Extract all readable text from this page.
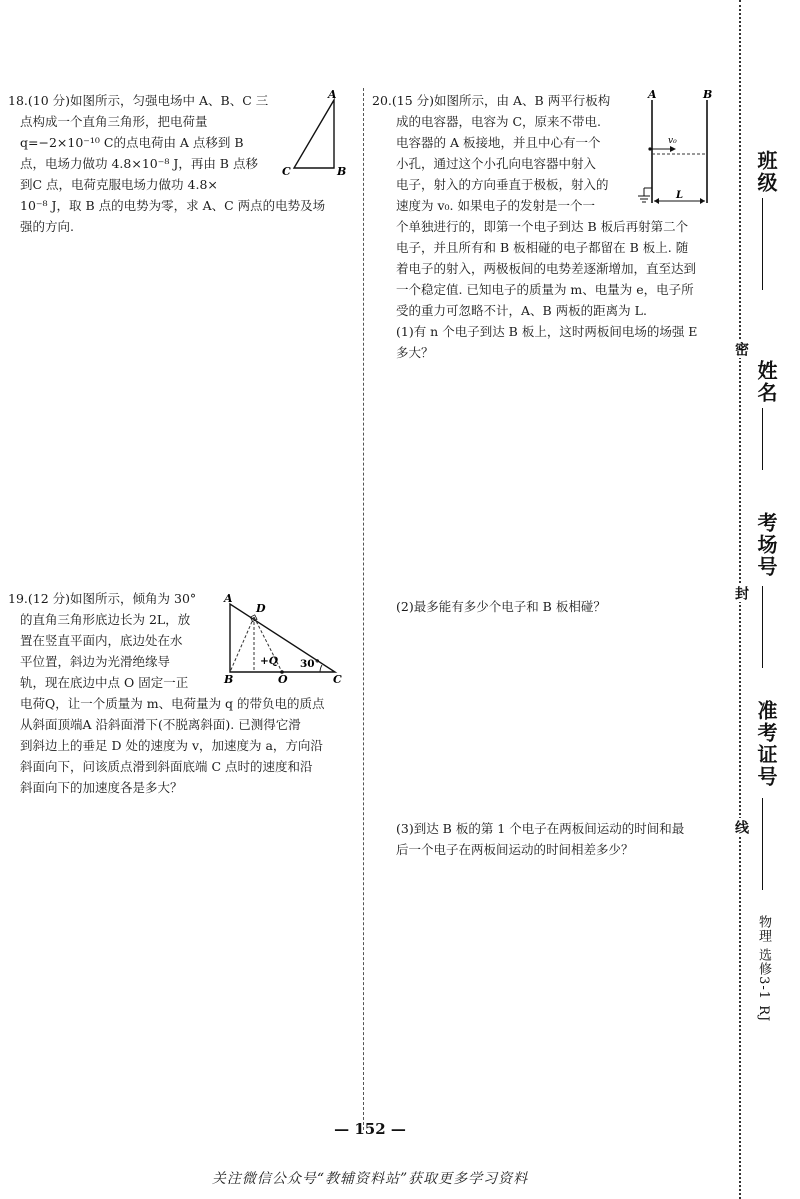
18.(10 分)如图所示，匀强电场中 A、B、C 三

点构成一个直角三角形，把电荷量

q=−2×10⁻¹⁰ C的点电荷由 A 点移到 B

点，电场力做功 4.8×10⁻⁸ J，再由 B 点移

到C 点，电荷克服电场力做功 4.8×

10⁻⁸ J，取 B 点的电势为零，求 A、C 两点的电势及场

强的方向.

A
B
C

19.(12 分)如图所示，倾角为 30°

的直角三角形底边长为 2L，放

置在竖直平面内，底边处在水

平位置，斜边为光滑绝缘导

轨，现在底边中点 O 固定一正

电荷Q，让一个质量为 m、电荷量为 q 的带负电的质点

从斜面顶端A 沿斜面滑下(不脱离斜面). 已测得它滑

到斜边上的垂足 D 处的速度为 v，加速度为 a，方向沿

斜面向下，问该质点滑到斜面底端 C 点时的速度和沿

斜面向下的加速度各是多大？

A
D
+Q 30°
B	O	C

20.(15 分)如图所示，由 A、B 两平行板构

成的电容器，电容为 C，原来不带电.

电容器的 A 板接地，并且中心有一个

小孔，通过这个小孔向电容器中射入

电子，射入的方向垂直于极板，射入的

速度为 v₀. 如果电子的发射是一个一

个单独进行的，即第一个电子到达 B 板后再射第二个

电子，并且所有和 B 板相碰的电子都留在 B 板上. 随

着电子的射入，两极板间的电势差逐渐增加，直至达到

一个稳定值. 已知电子的质量为 m、电量为 e，电子所

受的重力可忽略不计，A、B 两板的距离为 L.

(1)有 n 个电子到达 B 板上，这时两板间电场的场强 E

多大？

A	B
v₀
L

(2)最多能有多少个电子和 B 板相碰？

(3)到达 B 板的第 1 个电子在两板间运动的时间和最

后一个电子在两板间运动的时间相差多少？

班级
密
姓名
考场号
封
准考证号
线
物理 选修3-1 RJ
— 152 —
关注微信公众号“教辅资料站”获取更多学习资料
